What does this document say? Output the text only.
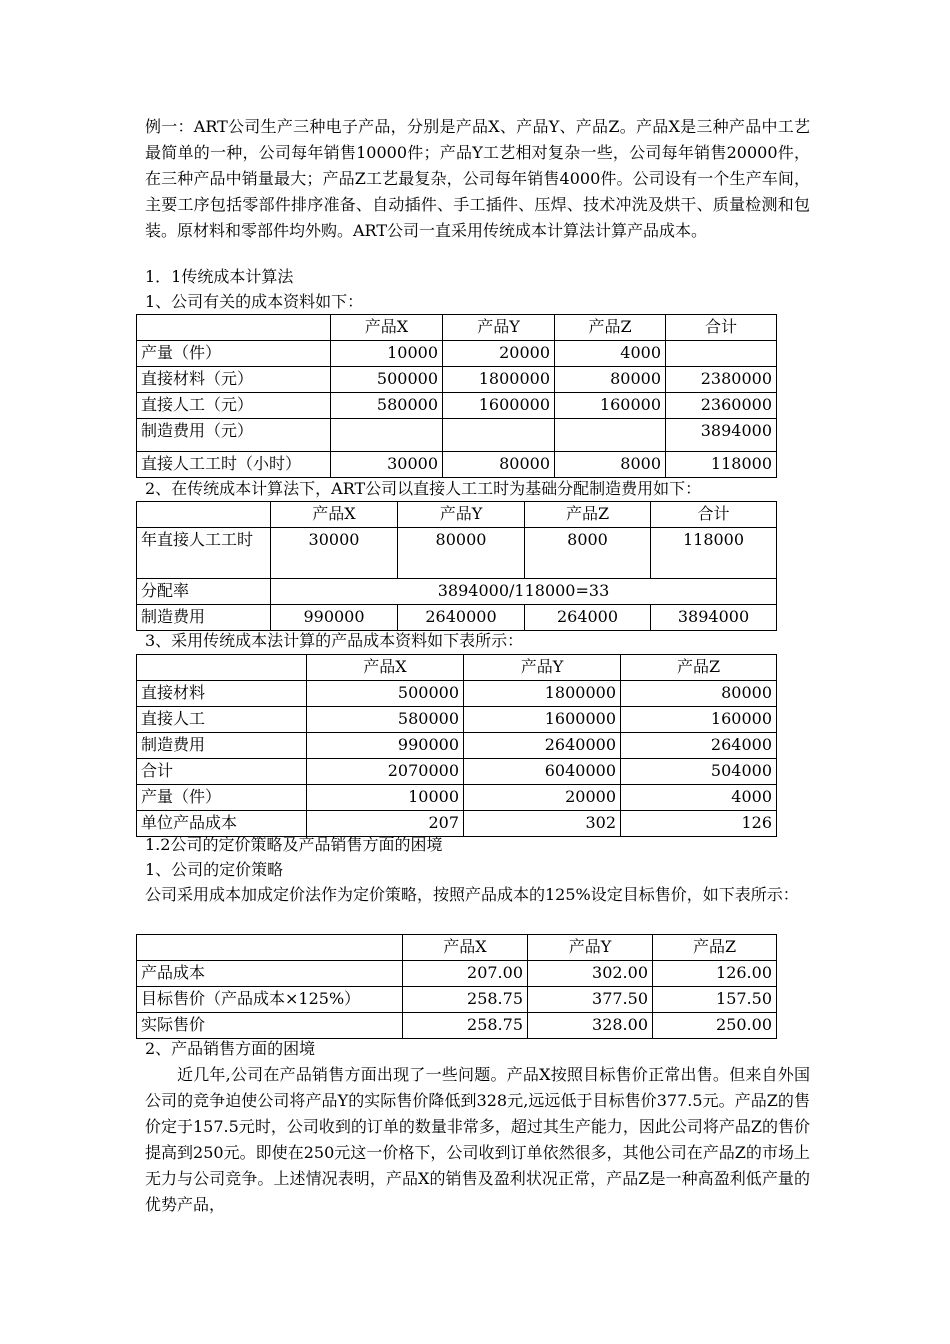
例一：ART公司生产三种电子产品，分别是产品X、产品Y、产品Z。产品X是三种产品中工艺最简单的一种，公司每年销售10000件；产品Y工艺相对复杂一些，公司每年销售20000件，在三种产品中销量最大；产品Z工艺最复杂，公司每年销售4000件。公司设有一个生产车间，主要工序包括零部件排序准备、自动插件、手工插件、压焊、技术冲洗及烘干、质量检测和包装。原材料和零部件均外购。ART公司一直采用传统成本计算法计算产品成本。

1．1传统成本计算法

1、公司有关的成本资料如下：

	产品X	产品Y	产品Z	合计
产量（件）	10000	20000	4000	
直接材料（元）	500000	1800000	80000	2380000
直接人工（元）	580000	1600000	160000	2360000
制造费用（元）				3894000
直接人工工时（小时）	30000	80000	8000	118000

2、在传统成本计算法下，ART公司以直接人工工时为基础分配制造费用如下：

	产品X	产品Y	产品Z	合计
年直接人工工时	30000	80000	8000	118000
分配率	3894000/118000=33			
制造费用	990000	2640000	264000	3894000

3、采用传统成本法计算的产品成本资料如下表所示：

	产品X	产品Y	产品Z
直接材料	500000	1800000	80000
直接人工	580000	1600000	160000
制造费用	990000	2640000	264000
合计	2070000	6040000	504000
产量（件）	10000	20000	4000
单位产品成本	207	302	126

1.2公司的定价策略及产品销售方面的困境

1、公司的定价策略

公司采用成本加成定价法作为定价策略，按照产品成本的125%设定目标售价，如下表所示：

	产品X	产品Y	产品Z
产品成本	207.00	302.00	126.00
目标售价（产品成本×125%）	258.75	377.50	157.50
实际售价	258.75	328.00	250.00

2、产品销售方面的困境

近几年,公司在产品销售方面出现了一些问题。产品X按照目标售价正常出售。但来自外国公司的竞争迫使公司将产品Y的实际售价降低到328元,远远低于目标售价377.5元。产品Z的售价定于157.5元时，公司收到的订单的数量非常多，超过其生产能力，因此公司将产品Z的售价提高到250元。即使在250元这一价格下，公司收到订单依然很多，其他公司在产品Z的市场上无力与公司竞争。上述情况表明，产品X的销售及盈利状况正常，产品Z是一种高盈利低产量的优势产品，
